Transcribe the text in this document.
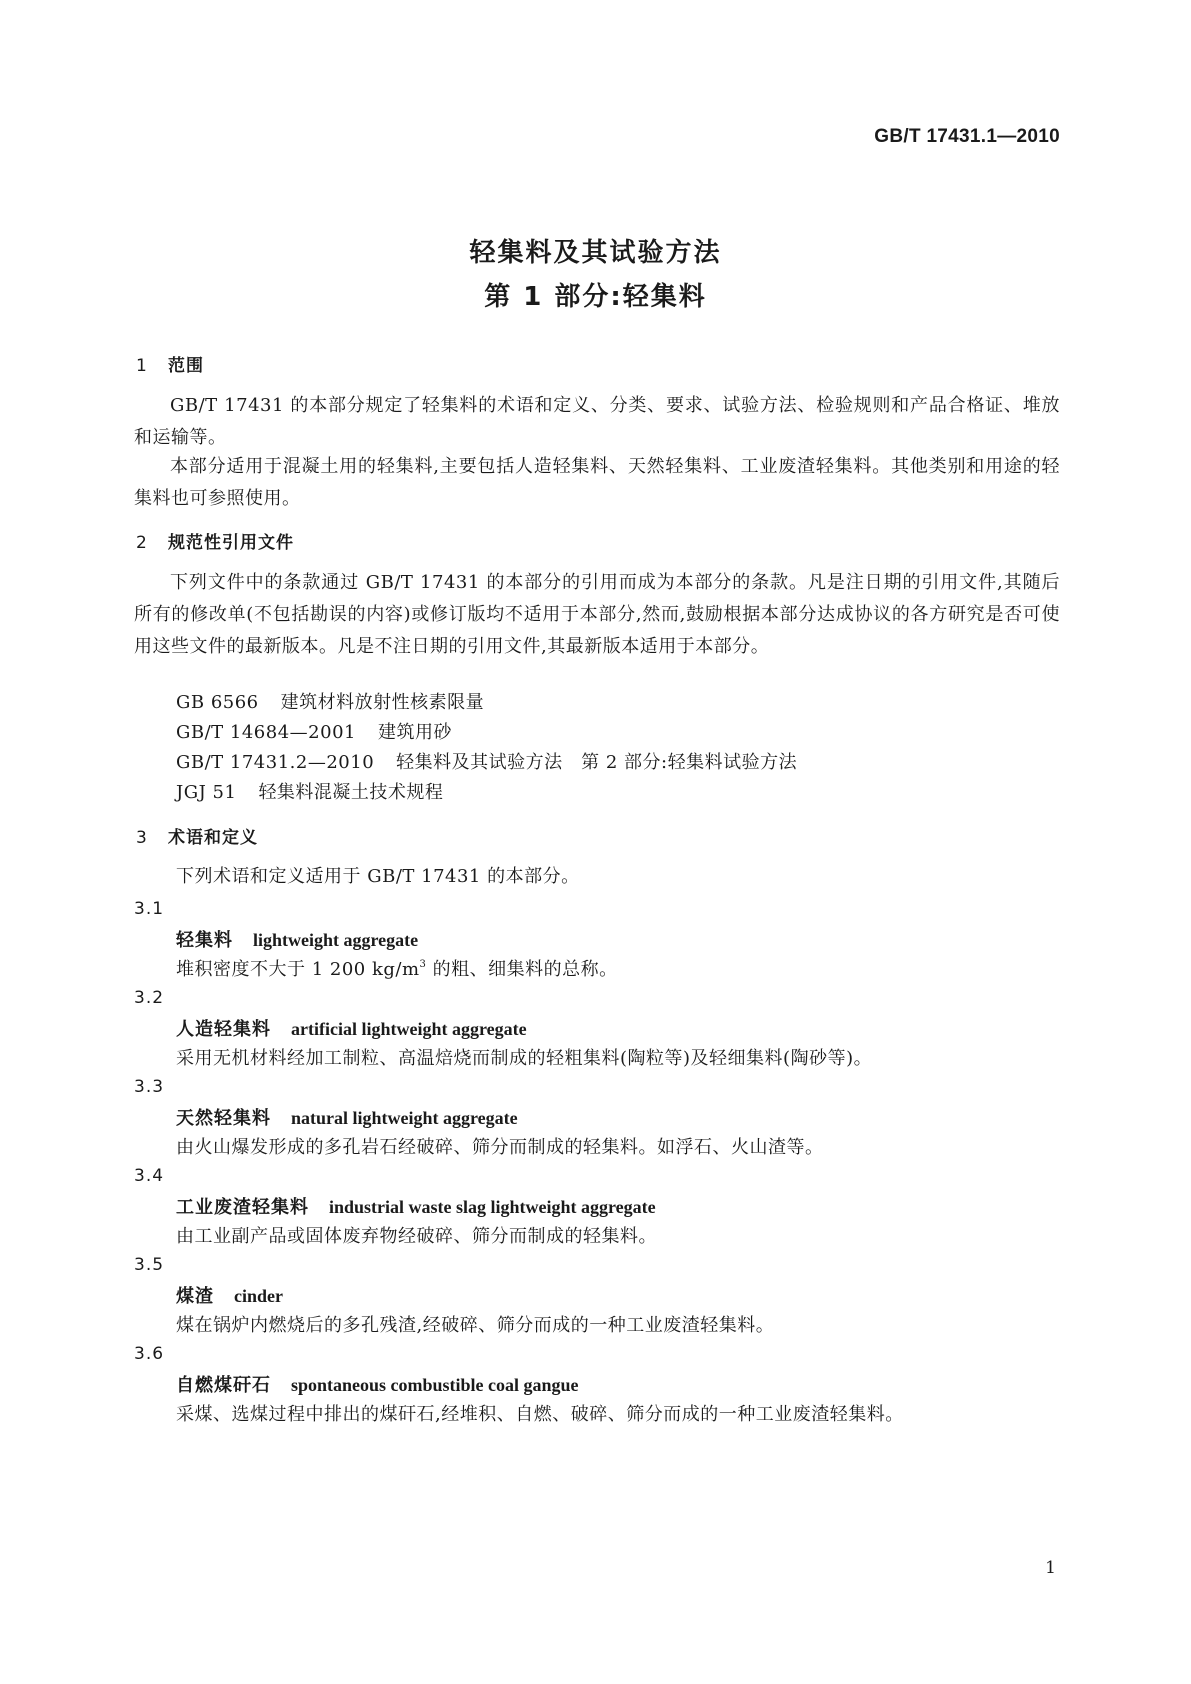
GB/T 17431.1—2010
轻集料及其试验方法
第 1 部分:轻集料
1 范围
GB/T 17431 的本部分规定了轻集料的术语和定义、分类、要求、试验方法、检验规则和产品合格证、堆放和运输等。
本部分适用于混凝土用的轻集料,主要包括人造轻集料、天然轻集料、工业废渣轻集料。其他类别和用途的轻集料也可参照使用。
2 规范性引用文件
下列文件中的条款通过 GB/T 17431 的本部分的引用而成为本部分的条款。凡是注日期的引用文件,其随后所有的修改单(不包括勘误的内容)或修订版均不适用于本部分,然而,鼓励根据本部分达成协议的各方研究是否可使用这些文件的最新版本。凡是不注日期的引用文件,其最新版本适用于本部分。
GB 6566 建筑材料放射性核素限量
GB/T 14684—2001 建筑用砂
GB/T 17431.2—2010 轻集料及其试验方法　第 2 部分:轻集料试验方法
JGJ 51 轻集料混凝土技术规程
3 术语和定义
下列术语和定义适用于 GB/T 17431 的本部分。
3.1
轻集料 lightweight aggregate
堆积密度不大于 1 200 $kg/m^3$ 的粗、细集料的总称。
3.2
人造轻集料 artificial lightweight aggregate
采用无机材料经加工制粒、高温焙烧而制成的轻粗集料(陶粒等)及轻细集料(陶砂等)。
3.3
天然轻集料 natural lightweight aggregate
由火山爆发形成的多孔岩石经破碎、筛分而制成的轻集料。如浮石、火山渣等。
3.4
工业废渣轻集料 industrial waste slag lightweight aggregate
由工业副产品或固体废弃物经破碎、筛分而制成的轻集料。
3.5
煤渣 cinder
煤在锅炉内燃烧后的多孔残渣,经破碎、筛分而成的一种工业废渣轻集料。
3.6
自燃煤矸石 spontaneous combustible coal gangue
采煤、选煤过程中排出的煤矸石,经堆积、自燃、破碎、筛分而成的一种工业废渣轻集料。
1
